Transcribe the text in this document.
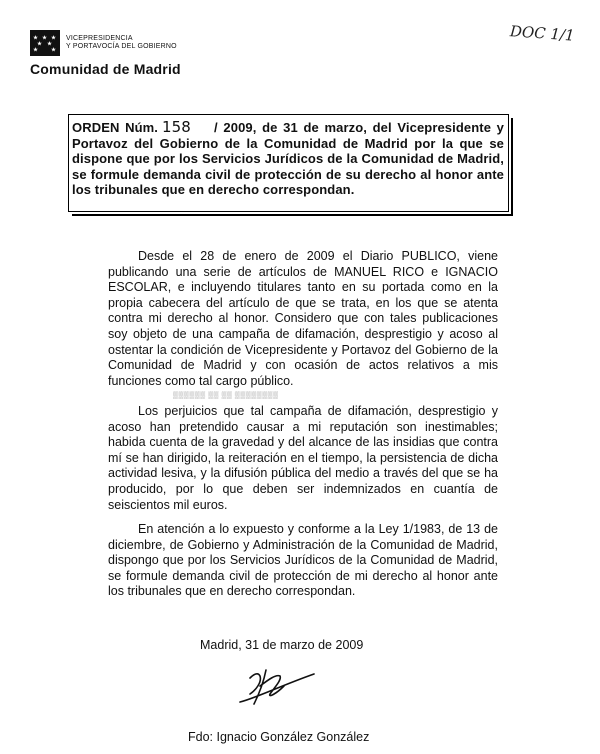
VICEPRESIDENCIA
Y PORTAVOCÍA DEL GOBIERNO
Comunidad de Madrid
DOC 1/1
ORDEN Núm. 158 / 2009, de 31 de marzo, del Vicepresidente y Portavoz del Gobierno de la Comunidad de Madrid por la que se dispone que por los Servicios Jurídicos de la Comunidad de Madrid, se formule demanda civil de protección de su derecho al honor ante los tribunales que en derecho correspondan.
Desde el 28 de enero de 2009 el Diario PUBLICO, viene publicando una serie de artículos de MANUEL RICO e IGNACIO ESCOLAR, e incluyendo titulares tanto en su portada como en la propia cabecera del artículo de que se trata, en los que se atenta contra mi derecho al honor. Considero que con tales publicaciones soy objeto de una campaña de difamación, desprestigio y acoso al ostentar la condición de Vicepresidente y Portavoz del Gobierno de la Comunidad de Madrid y con ocasión de actos relativos a mis funciones como tal cargo público.
▒▒▒▒▒▒ ▒▒ ▒▒ ▒▒▒▒▒▒▒▒
Los perjuicios que tal campaña de difamación, desprestigio y acoso han pretendido causar a mi reputación son inestimables; habida cuenta de la gravedad y del alcance de las insidias que contra mí se han dirigido, la reiteración en el tiempo, la persistencia de dicha actividad lesiva, y la difusión pública del medio a través del que se ha producido, por lo que deben ser indemnizados en cuantía de seiscientos mil euros.
En atención a lo expuesto y conforme a la Ley 1/1983, de 13 de diciembre, de Gobierno y Administración de la Comunidad de Madrid, dispongo que por los Servicios Jurídicos de la Comunidad de Madrid, se formule demanda civil de protección de mi derecho al honor ante los tribunales que en derecho correspondan.
Madrid, 31 de marzo de 2009
Fdo: Ignacio González González
